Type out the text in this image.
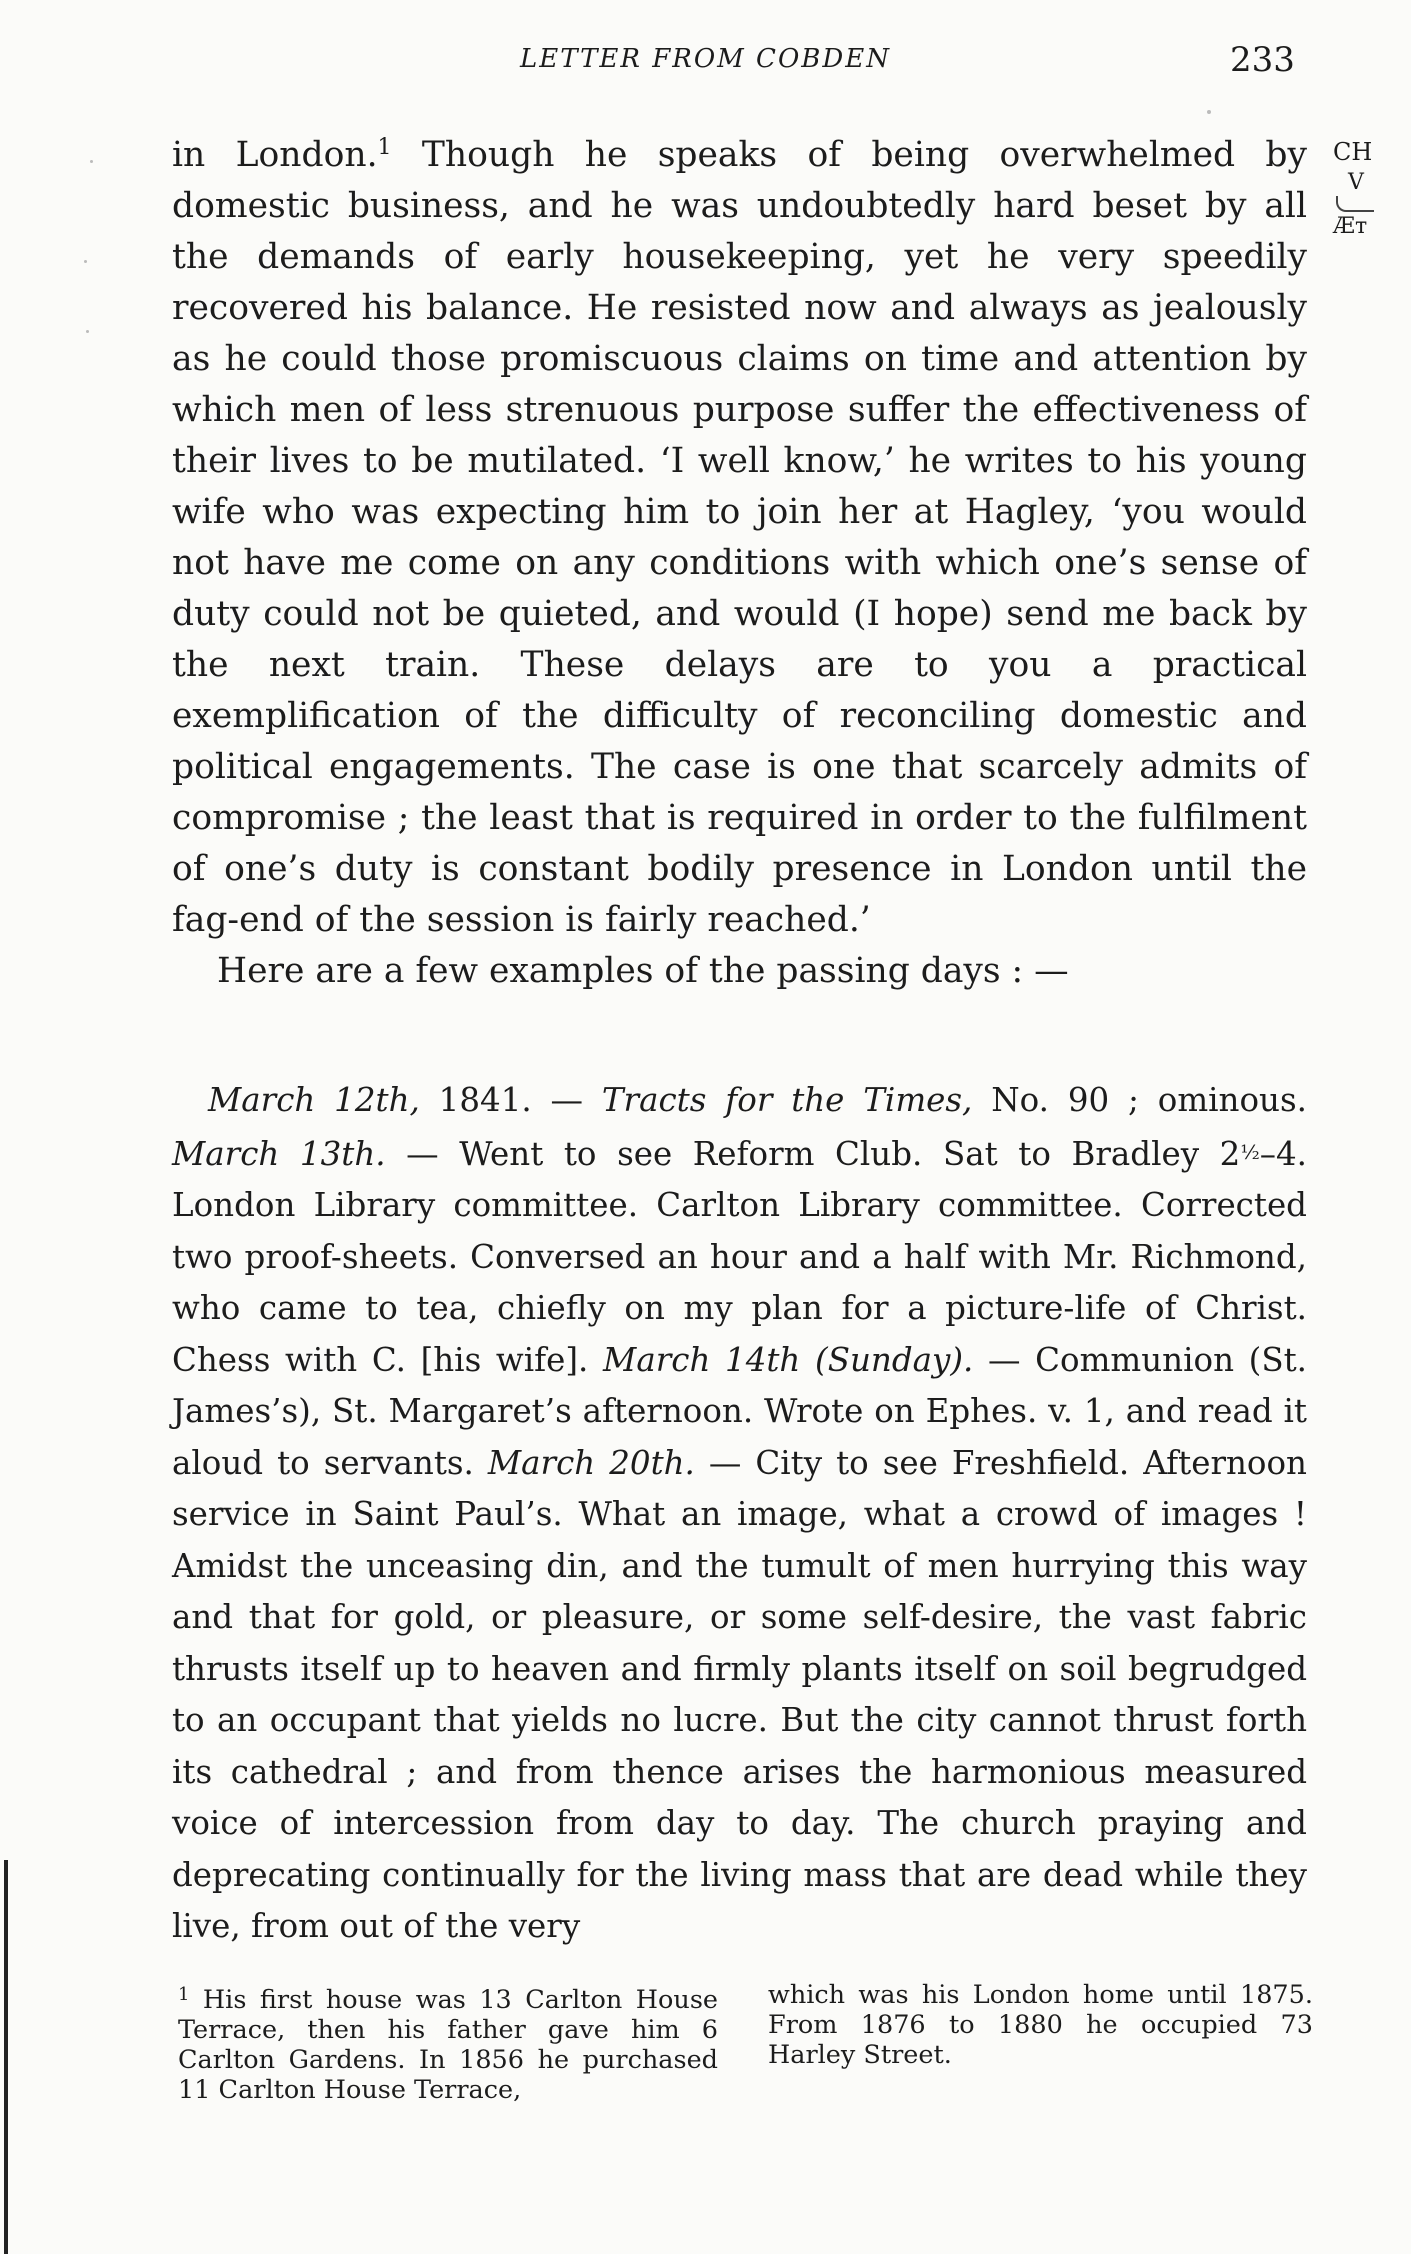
LETTER FROM COBDEN	233
CH
V
Æт

in London.$^1$ Though he speaks of being overwhelmed by domestic business, and he was undoubtedly hard beset by all the demands of early housekeeping, yet he very speedily recovered his balance. He resisted now and always as jealously as he could those promiscuous claims on time and attention by which men of less strenuous purpose suffer the effectiveness of their lives to be mutilated. ‘I well know,’ he writes to his young wife who was expecting him to join her at Hagley, ‘you would not have me come on any conditions with which one’s sense of duty could not be quieted, and would (I hope) send me back by the next train. These delays are to you a practical exemplification of the difficulty of reconciling domestic and political engagements. The case is one that scarcely admits of compromise ; the least that is required in order to the fulfilment of one’s duty is constant bodily presence in London until the fag-end of the session is fairly reached.’

Here are a few examples of the passing days : —

March 12th, 1841. — Tracts for the Times, No. 90 ; ominous. March 13th. — Went to see Reform Club. Sat to Bradley 2½–4. London Library committee. Carlton Library committee. Corrected two proof-sheets. Conversed an hour and a half with Mr. Richmond, who came to tea, chiefly on my plan for a picture-life of Christ. Chess with C. [his wife]. March 14th (Sunday). — Communion (St. James’s), St. Margaret’s afternoon. Wrote on Ephes. v. 1, and read it aloud to servants. March 20th. — City to see Freshfield. Afternoon service in Saint Paul’s. What an image, what a crowd of images ! Amidst the unceasing din, and the tumult of men hurrying this way and that for gold, or pleasure, or some self-desire, the vast fabric thrusts itself up to heaven and firmly plants itself on soil begrudged to an occupant that yields no lucre. But the city cannot thrust forth its cathedral ; and from thence arises the harmonious measured voice of intercession from day to day. The church praying and deprecating continually for the living mass that are dead while they live, from out of the very

$^1$ His first house was 13 Carlton House Terrace, then his father gave him 6 Carlton Gardens. In 1856 he purchased 11 Carlton House Terrace,
which was his London home until 1875. From 1876 to 1880 he occupied 73 Harley Street.
